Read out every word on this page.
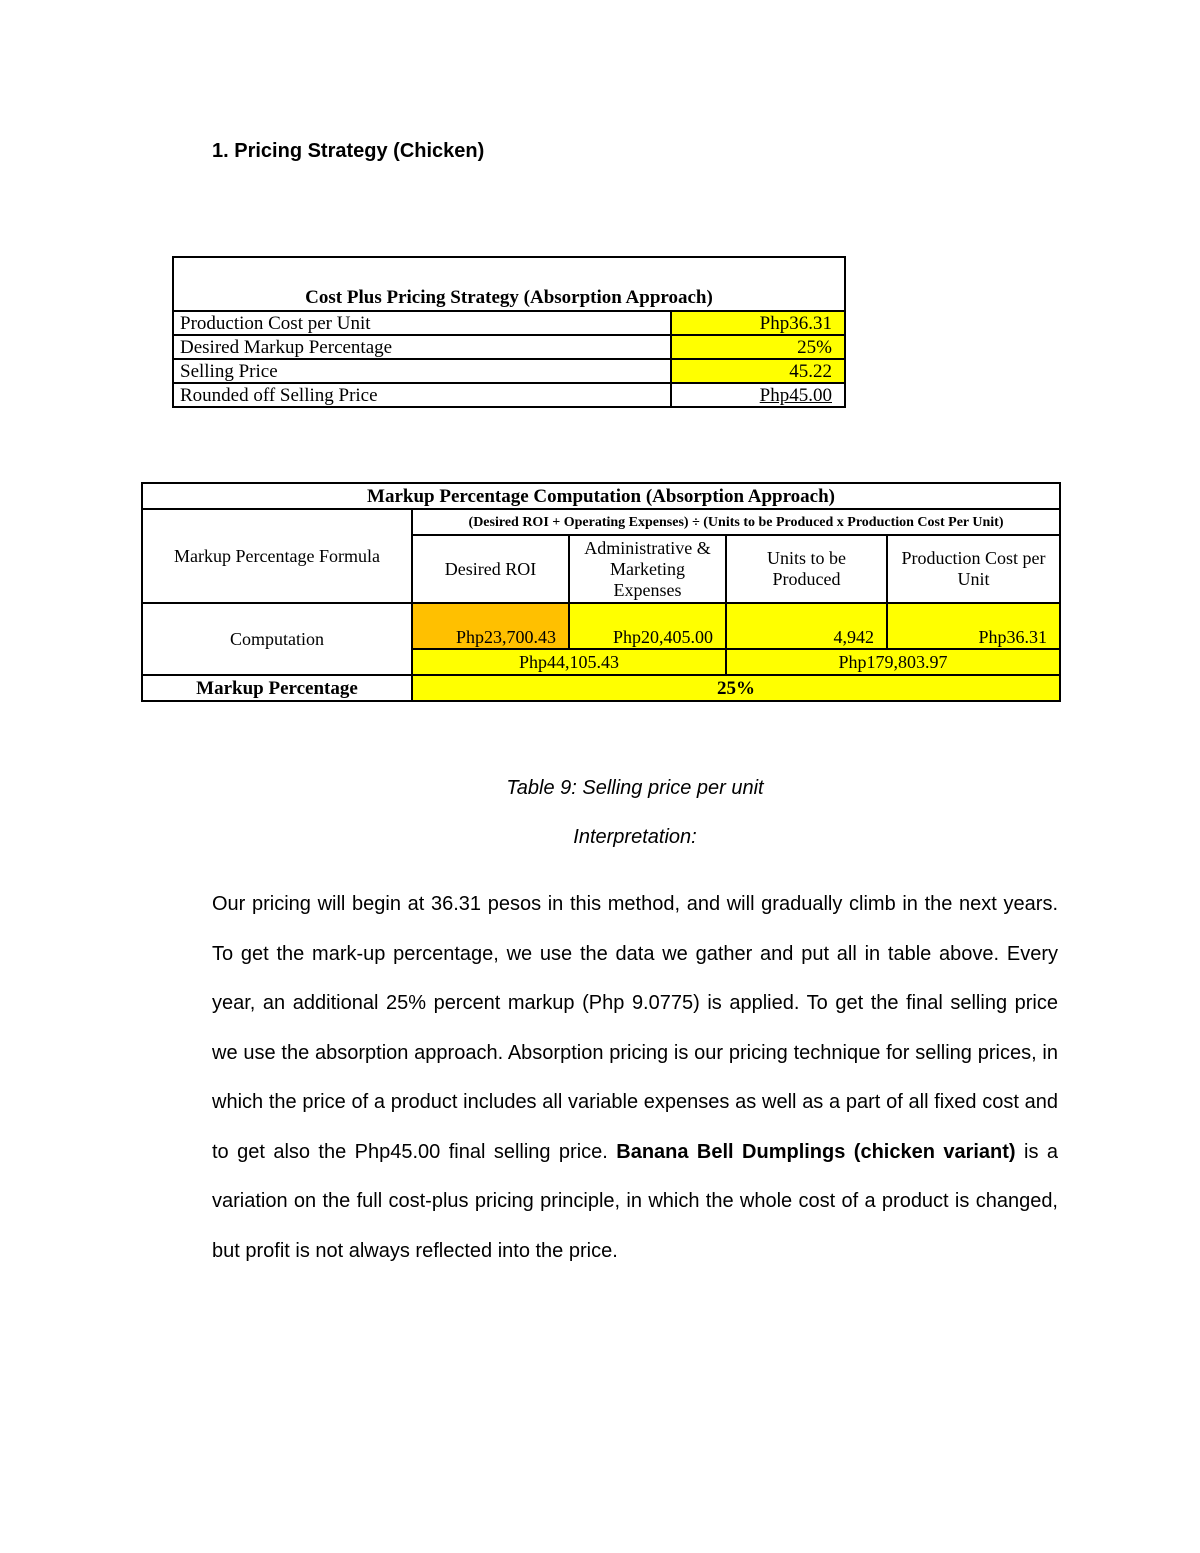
1. Pricing Strategy (Chicken)
Cost Plus Pricing Strategy (Absorption Approach)	
Production Cost per Unit	Php36.31
Desired Markup Percentage	25%
Selling Price	45.22
Rounded off Selling Price	Php45.00
Markup Percentage Computation (Absorption Approach)				
Markup Percentage Formula	(Desired ROI + Operating Expenses) ÷ (Units to be Produced x Production Cost Per Unit)			
	Desired ROI	Administrative & Marketing Expenses	Units to be Produced	Production Cost per Unit
Computation	Php23,700.43	Php20,405.00	4,942	Php36.31
	Php44,105.43		Php179,803.97	
Markup Percentage	25%			
Table 9: Selling price per unit
Interpretation:
Our pricing will begin at 36.31 pesos in this method, and will gradually climb in the next years. To get the mark-up percentage, we use the data we gather and put all in table above. Every year, an additional 25% percent markup (Php 9.0775) is applied. To get the final selling price we use the absorption approach. Absorption pricing is our pricing technique for selling prices, in which the price of a product includes all variable expenses as well as a part of all fixed cost and to get also the Php45.00 final selling price. Banana Bell Dumplings (chicken variant) is a variation on the full cost-plus pricing principle, in which the whole cost of a product is changed, but profit is not always reflected into the price.
